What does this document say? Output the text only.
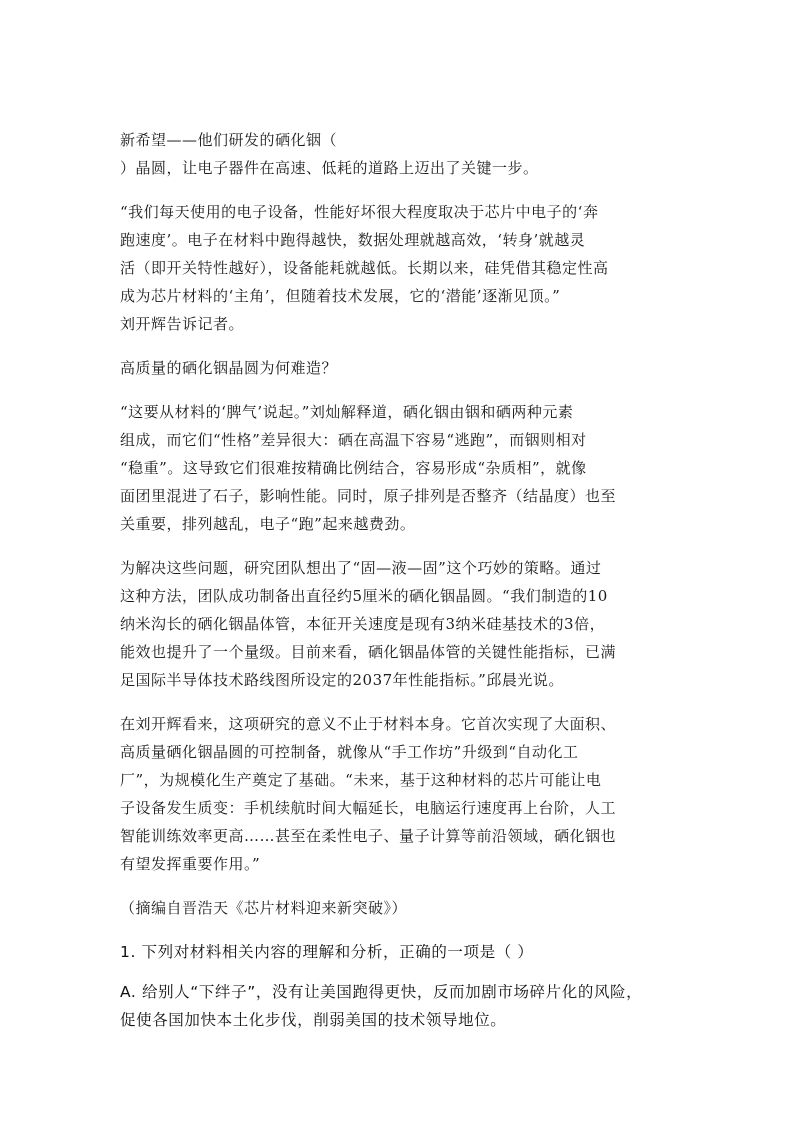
新希望——他们研发的硒化铟（
）晶圆，让电子器件在高速、低耗的道路上迈出了关键一步。

“我们每天使用的电子设备，性能好坏很大程度取决于芯片中电子的‘奔
跑速度’。电子在材料中跑得越快，数据处理就越高效，‘转身’就越灵
活（即开关特性越好），设备能耗就越低。长期以来，硅凭借其稳定性高
成为芯片材料的‘主角’，但随着技术发展，它的‘潜能’逐渐见顶。”
刘开辉告诉记者。

高质量的硒化铟晶圆为何难造？

“这要从材料的‘脾气’说起。”刘灿解释道，硒化铟由铟和硒两种元素
组成，而它们“性格”差异很大：硒在高温下容易“逃跑”，而铟则相对
“稳重”。这导致它们很难按精确比例结合，容易形成“杂质相”，就像
面团里混进了石子，影响性能。同时，原子排列是否整齐（结晶度）也至
关重要，排列越乱，电子“跑”起来越费劲。

为解决这些问题，研究团队想出了“固—液—固”这个巧妙的策略。通过
这种方法，团队成功制备出直径约5厘米的硒化铟晶圆。“我们制造的10
纳米沟长的硒化铟晶体管，本征开关速度是现有3纳米硅基技术的3倍，
能效也提升了一个量级。目前来看，硒化铟晶体管的关键性能指标，已满
足国际半导体技术路线图所设定的2037年性能指标。”邱晨光说。

在刘开辉看来，这项研究的意义不止于材料本身。它首次实现了大面积、
高质量硒化铟晶圆的可控制备，就像从“手工作坊”升级到“自动化工
厂”，为规模化生产奠定了基础。“未来，基于这种材料的芯片可能让电
子设备发生质变：手机续航时间大幅延长，电脑运行速度再上台阶，人工
智能训练效率更高……甚至在柔性电子、量子计算等前沿领域，硒化铟也
有望发挥重要作用。”

（摘编自晋浩天《芯片材料迎来新突破》）

1. 下列对材料相关内容的理解和分析，正确的一项是（ ）

A. 给别人“下绊子”，没有让美国跑得更快，反而加剧市场碎片化的风险，
促使各国加快本土化步伐，削弱美国的技术领导地位。
